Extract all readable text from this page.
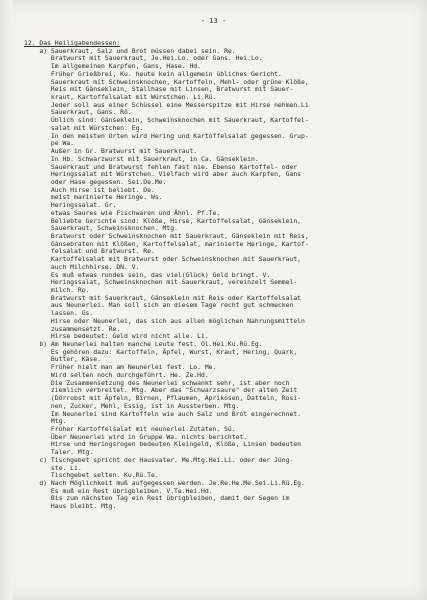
- 13 -
12. Das Heiligabendessen:
a) Sauerkraut, Salz und Brot müssen dabei sein. Re.
Bratwurst mit Sauerkraut, Je.Hei.Lo. oder Gans. Hei.Lo.
Im allgemeinen Karpfen, Gans, Hase. Hd.
Früher Grießbrei, Ku. heute kein allgemein übliches Gericht.
Sauerkraut mit Schweinsknochen, Kartoffeln, Mehl- oder grüne Klöße,
Reis mit Gänseklein, Stallhase mit Linsen, Bratwurst mit Sauer-
kraut, Kartoffelsalat mit Würstchen. Li.Rü.
Jeder soll aus einer Schüssel eine Messerspitze mit Hirse nehmen.Li
Sauerkraut, Gans. Rö.
Üblich sind: Gänseklein, Schweinsknochen mit Sauerkraut, Kartoffel-
salat mit Würstchen. Eg.
In den meisten Orten wird Hering und Kartoffelsalat gegessen. Grup-
pe Wa.
Außer in Gr. Bratwurst mit Sauerkraut.
In Hb. Schwarzwurst mit Sauerkraut, in Ca. Gänseklein.
Sauerkraut und Bratwurst fehlen fast nie. Ebenso Kartoffel- oder
Heringssalat mit Würstchen. Vielfach wird aber auch Karpfen, Gans
oder Hase gegessen. Sei.De.Me.
Auch Hirse ist beliebt. De.
meist marinierte Heringe. Ws.
Heringssalat. Gr.
etwas Saures wie Fischwaren und Ähnl. Pf.Te.
Beliebte Gerichte sind: Klöße, Hirse, Kartoffelsalat, Gänseklein,
Sauerkraut, Schweinsknochen. Mtg.
Bratwurst oder Schweinsknochen mit Sauerkraut, Gänseklein mit Reis,
Gänsebraten mit Klößen, Kartoffelsalat, marinierte Heringe, Kartof-
felsalat und Bratwurst. Re.
Kartoffelsalat mit Bratwurst oder Schweinsknochen mit Sauerkraut,
auch Milchhirse. DN. V.
Es muß etwas rundes sein, das viel(Glück) Geld bringt. V.
Heringssalat, Schweinsknochen mit Sauerkraut, vereinzelt Semmel-
milch. Ro.
Bratwurst mit Sauerkraut, Gänseklein mit Reis oder Kartoffelsalat
aus Neunerlei. Man soll sich an diesem Tage recht gut schmecken
lassen. Gs.
Hirse oder Neunerlei, das sich aus allen möglichen Nahrungsmitteln
zusammensetzt. Re.
Hirse bedeutet: Geld wird nicht alle. Li.
b) Am Neunerlei halten manche Leute fest. Ol.Hei.Ku.Rü.Eg.
Es gehören dazu: Kartoffeln, Äpfel, Wurst, Kraut, Hering, Quark,
Butter, Käse.
Früher hielt man am Neunerlei fest. Lo. Me.
Wird selten noch durchgeführt. He. Ze.Hd.
Die Zusammensetzung des Neunerlei schwankt sehr, ist aber noch
ziemlich verbreitet. Mtg. Aber das "Schwarzsaure" der alten Zeit
(Dörrobst mit Äpfeln, Birnen, Pflaumen, Aprikosen, Datteln, Rosi-
nen, Zucker, Mehl, Essig, ist in Aussterben. Mtg.
Im Neunerlei sind Kartoffeln wie auch Salz und Brot eingerechnet.
Mtg.
Früher Kartoffelsalat mit neunerlei Zutaten. Sü.
Über Neunerlei wird in Gruppe Wa. nichts berichtet.
Hirse und Heringsrogen bedeuten Kleingeld, Klöße, Linsen bedeuten
Taler. Mtg.
c) Tischgebet spricht der Hausvater. Me.Mtg.Hei.Li. oder der Jüng-
ste. Li.
Tischgebet selten. Ku.Rü.Te.
d) Nach Möglichkeit muß aufgegessen werden. Je.Re.He.Me.Sei.Li.Rü.Eg.
Es muß ein Rest übrigbleiben. V.Te.Hei.Hd.
Bis zum nächsten Tag ein Rest übrigbleiben, damit der Segen im
Haus bleibt. Mtg.
